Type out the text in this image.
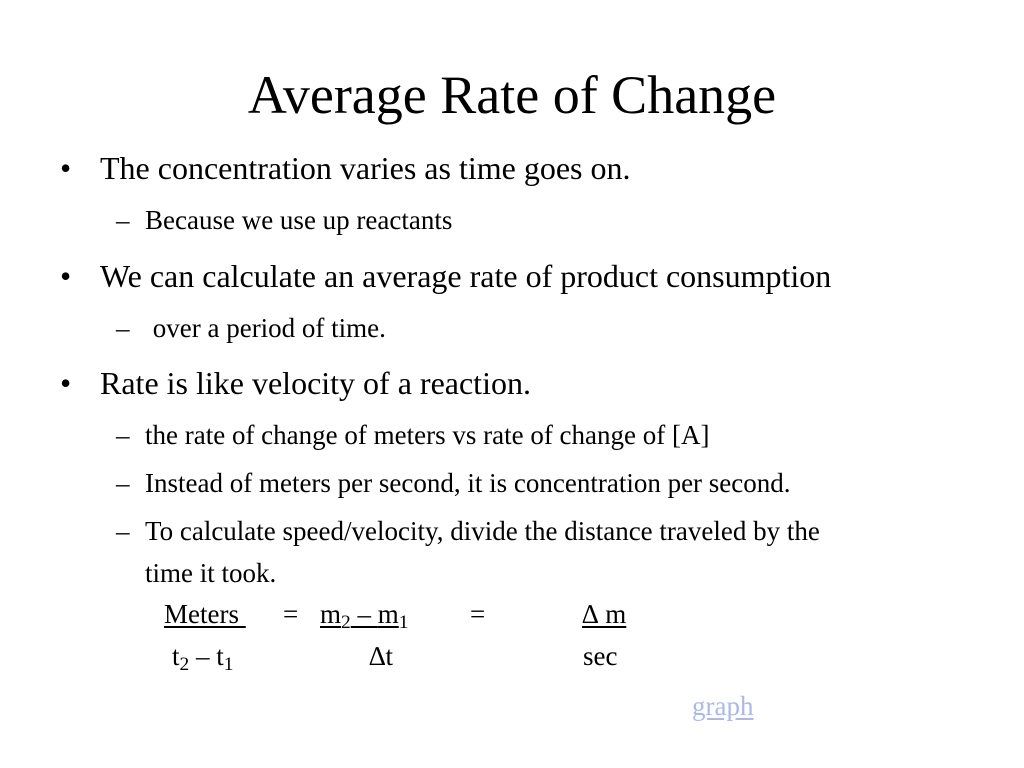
Average Rate of Change
• The concentration varies as time goes on.
– Because we use up reactants
• We can calculate an average rate of product consumption
– over a period of time.
• Rate is like velocity of a reaction.
– the rate of change of meters vs rate of change of [A]
– Instead of meters per second, it is concentration per second.
– To calculate speed/velocity, divide the distance traveled by the
time it took.
Meters = $m_2 - m_1$ =	∆ m
$t_2 - t_1$	∆t	sec
graph
